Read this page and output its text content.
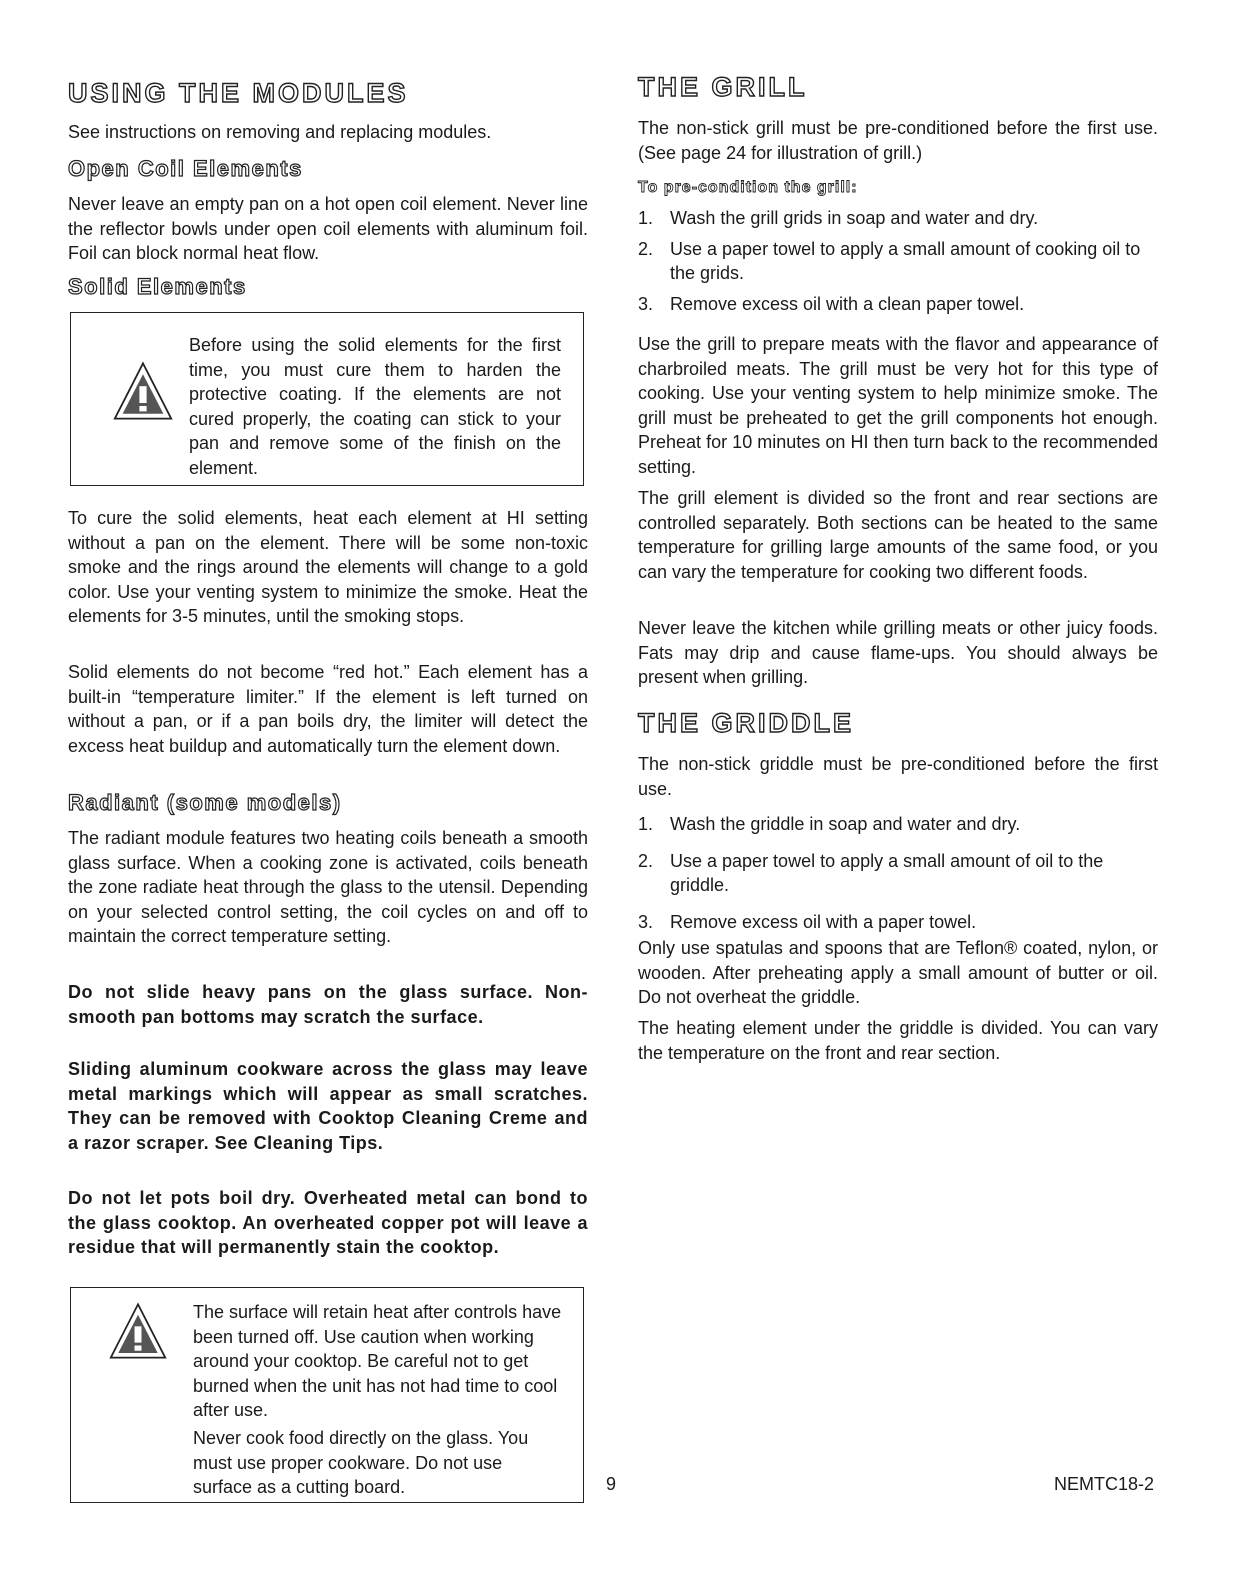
USING THE MODULES

See instructions on removing and replacing modules.

Open Coil Elements

Never leave an empty pan on a hot open coil element. Never line the reflector bowls under open coil elements with aluminum foil. Foil can block normal heat flow.

Solid Elements

Before using the solid elements for the first time, you must cure them to harden the protective coating. If the elements are not cured properly, the coating can stick to your pan and remove some of the finish on the element.

To cure the solid elements, heat each element at HI setting without a pan on the element. There will be some non-toxic smoke and the rings around the elements will change to a gold color. Use your venting system to minimize the smoke. Heat the elements for 3-5 minutes, until the smoking stops.

Solid elements do not become “red hot.” Each element has a built-in “temperature limiter.” If the element is left turned on without a pan, or if a pan boils dry, the limiter will detect the excess heat buildup and automatically turn the element down.

Radiant (some models)

The radiant module features two heating coils beneath a smooth glass surface. When a cooking zone is activated, coils beneath the zone radiate heat through the glass to the utensil. Depending on your selected control setting, the coil cycles on and off to maintain the correct temperature setting.

Do not slide heavy pans on the glass surface. Non-smooth pan bottoms may scratch the surface.

Sliding aluminum cookware across the glass may leave metal markings which will appear as small scratches. They can be removed with Cooktop Cleaning Creme and a razor scraper. See Cleaning Tips.

Do not let pots boil dry. Overheated metal can bond to the glass cooktop. An overheated copper pot will leave a residue that will permanently stain the cooktop.

The surface will retain heat after controls have been turned off. Use caution when working around your cooktop. Be careful not to get burned when the unit has not had time to cool after use.

Never cook food directly on the glass. You must use proper cookware. Do not use surface as a cutting board.

THE GRILL

The non-stick grill must be pre-conditioned before the first use. (See page 24 for illustration of grill.)

To pre-condition the grill:

1. Wash the grill grids in soap and water and dry.
2. Use a paper towel to apply a small amount of cooking oil to the grids.
3. Remove excess oil with a clean paper towel.

Use the grill to prepare meats with the flavor and appearance of charbroiled meats. The grill must be very hot for this type of cooking. Use your venting system to help minimize smoke. The grill must be preheated to get the grill components hot enough. Preheat for 10 minutes on HI then turn back to the recommended setting.

The grill element is divided so the front and rear sections are controlled separately. Both sections can be heated to the same temperature for grilling large amounts of the same food, or you can vary the temperature for cooking two different foods.

Never leave the kitchen while grilling meats or other juicy foods. Fats may drip and cause flame-ups. You should always be present when grilling.

THE GRIDDLE

The non-stick griddle must be pre-conditioned before the first use.

1. Wash the griddle in soap and water and dry.
2. Use a paper towel to apply a small amount of oil to the griddle.
3. Remove excess oil with a paper towel.

Only use spatulas and spoons that are Teflon® coated, nylon, or wooden. After preheating apply a small amount of butter or oil. Do not overheat the griddle.

The heating element under the griddle is divided. You can vary the temperature on the front and rear section.

9	NEMTC18-2
